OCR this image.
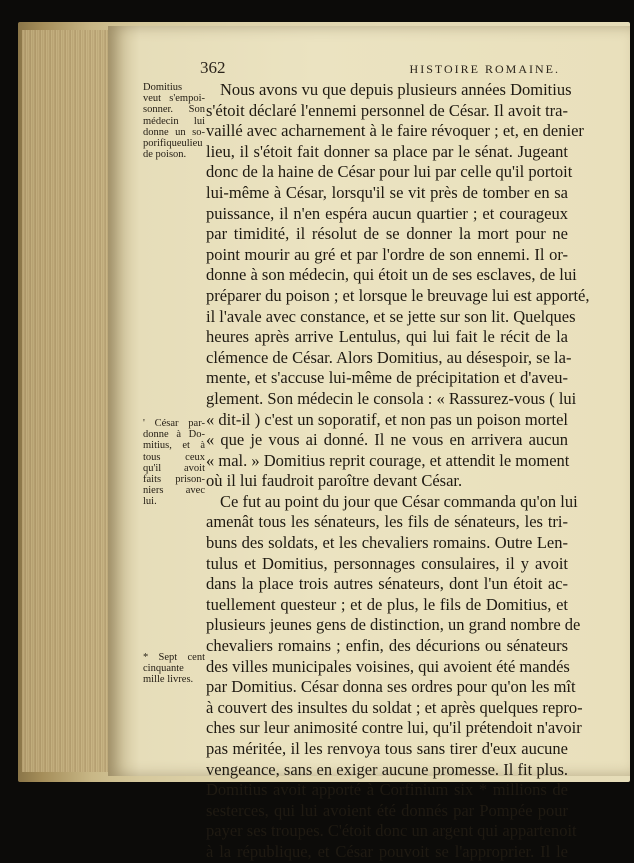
362	HISTOIRE ROMAINE.
Domitius
veut s'empoi-
sonner. Son
médecin lui
donne un so-
porifiqueulieu
de poison.
' César par-
donne à Do-
mitius, et à
tous ceux
qu'il avoit
faits prison-
niers avec
lui.
* Sept cent
cinquante
mille livres.
Nous avons vu que depuis plusieurs années Domitius
s'étoit déclaré l'ennemi personnel de César. Il avoit tra-
vaillé avec acharnement à le faire révoquer ; et, en denier
lieu, il s'étoit fait donner sa place par le sénat. Jugeant
donc de la haine de César pour lui par celle qu'il portoit
lui-même à César, lorsqu'il se vit près de tomber en sa
puissance, il n'en espéra aucun quartier ; et courageux
par timidité, il résolut de se donner la mort pour ne
point mourir au gré et par l'ordre de son ennemi. Il or-
donne à son médecin, qui étoit un de ses esclaves, de lui
préparer du poison ; et lorsque le breuvage lui est apporté,
il l'avale avec constance, et se jette sur son lit. Quelques
heures après arrive Lentulus, qui lui fait le récit de la
clémence de César. Alors Domitius, au désespoir, se la-
mente, et s'accuse lui-même de précipitation et d'aveu-
glement. Son médecin le consola : « Rassurez-vous ( lui
« dit-il ) c'est un soporatif, et non pas un poison mortel
« que je vous ai donné. Il ne vous en arrivera aucun
« mal. » Domitius reprit courage, et attendit le moment
où il lui faudroit paroître devant César.
Ce fut au point du jour que César commanda qu'on lui
amenât tous les sénateurs, les fils de sénateurs, les tri-
buns des soldats, et les chevaliers romains. Outre Len-
tulus et Domitius, personnages consulaires, il y avoit
dans la place trois autres sénateurs, dont l'un étoit ac-
tuellement questeur ; et de plus, le fils de Domitius, et
plusieurs jeunes gens de distinction, un grand nombre de
chevaliers romains ; enfin, des décurions ou sénateurs
des villes municipales voisines, qui avoient été mandés
par Domitius. César donna ses ordres pour qu'on les mît
à couvert des insultes du soldat ; et après quelques repro-
ches sur leur animosité contre lui, qu'il prétendoit n'avoir
pas méritée, il les renvoya tous sans tirer d'eux aucune
vengeance, sans en exiger aucune promesse. Il fit plus.
Domitius avoit apporté à Corfinium six * millions de
sesterces, qui lui avoient été donnés par Pompée pour
payer ses troupes. C'étoit donc un argent qui appartenoit
à la république, et César pouvoit se l'approprier. Il le
